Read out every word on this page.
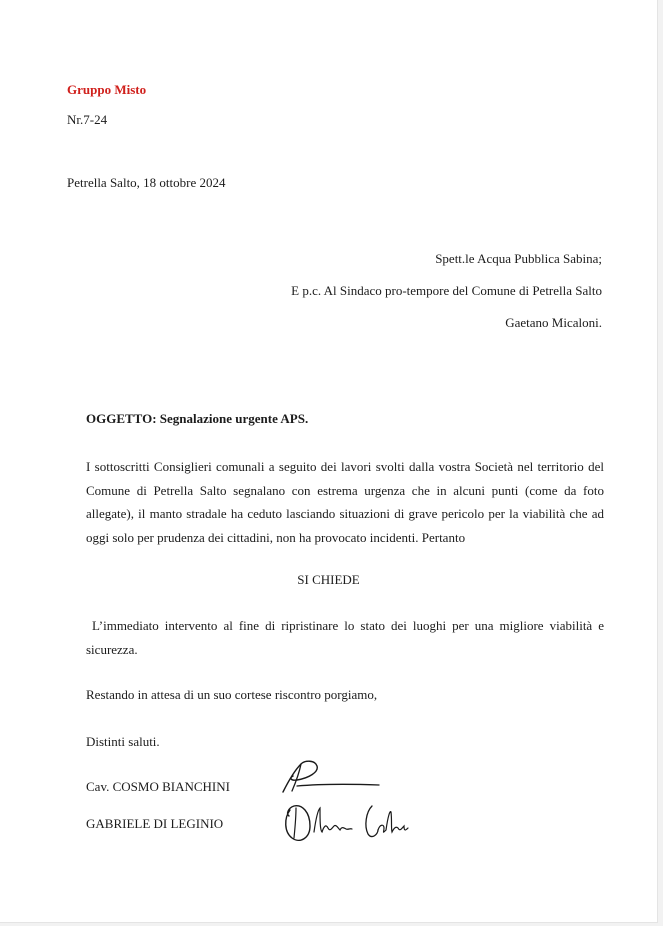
Gruppo Misto
Nr.7-24
Petrella Salto, 18 ottobre 2024
Spett.le Acqua Pubblica Sabina;
E p.c. Al Sindaco pro-tempore del Comune di Petrella Salto
Gaetano Micaloni.
OGGETTO: Segnalazione urgente APS.
I sottoscritti Consiglieri comunali a seguito dei lavori svolti dalla vostra Società nel territorio del
Comune di Petrella Salto segnalano con estrema urgenza che in alcuni punti (come da foto
allegate), il manto stradale ha ceduto lasciando situazioni di grave pericolo per la viabilità che ad
oggi solo per prudenza dei cittadini, non ha provocato incidenti. Pertanto
SI CHIEDE
L’immediato intervento al fine di ripristinare lo stato dei luoghi per una migliore viabilità e
sicurezza.
Restando in attesa di un suo cortese riscontro porgiamo,
Distinti saluti.
Cav. COSMO BIANCHINI
GABRIELE DI LEGINIO
